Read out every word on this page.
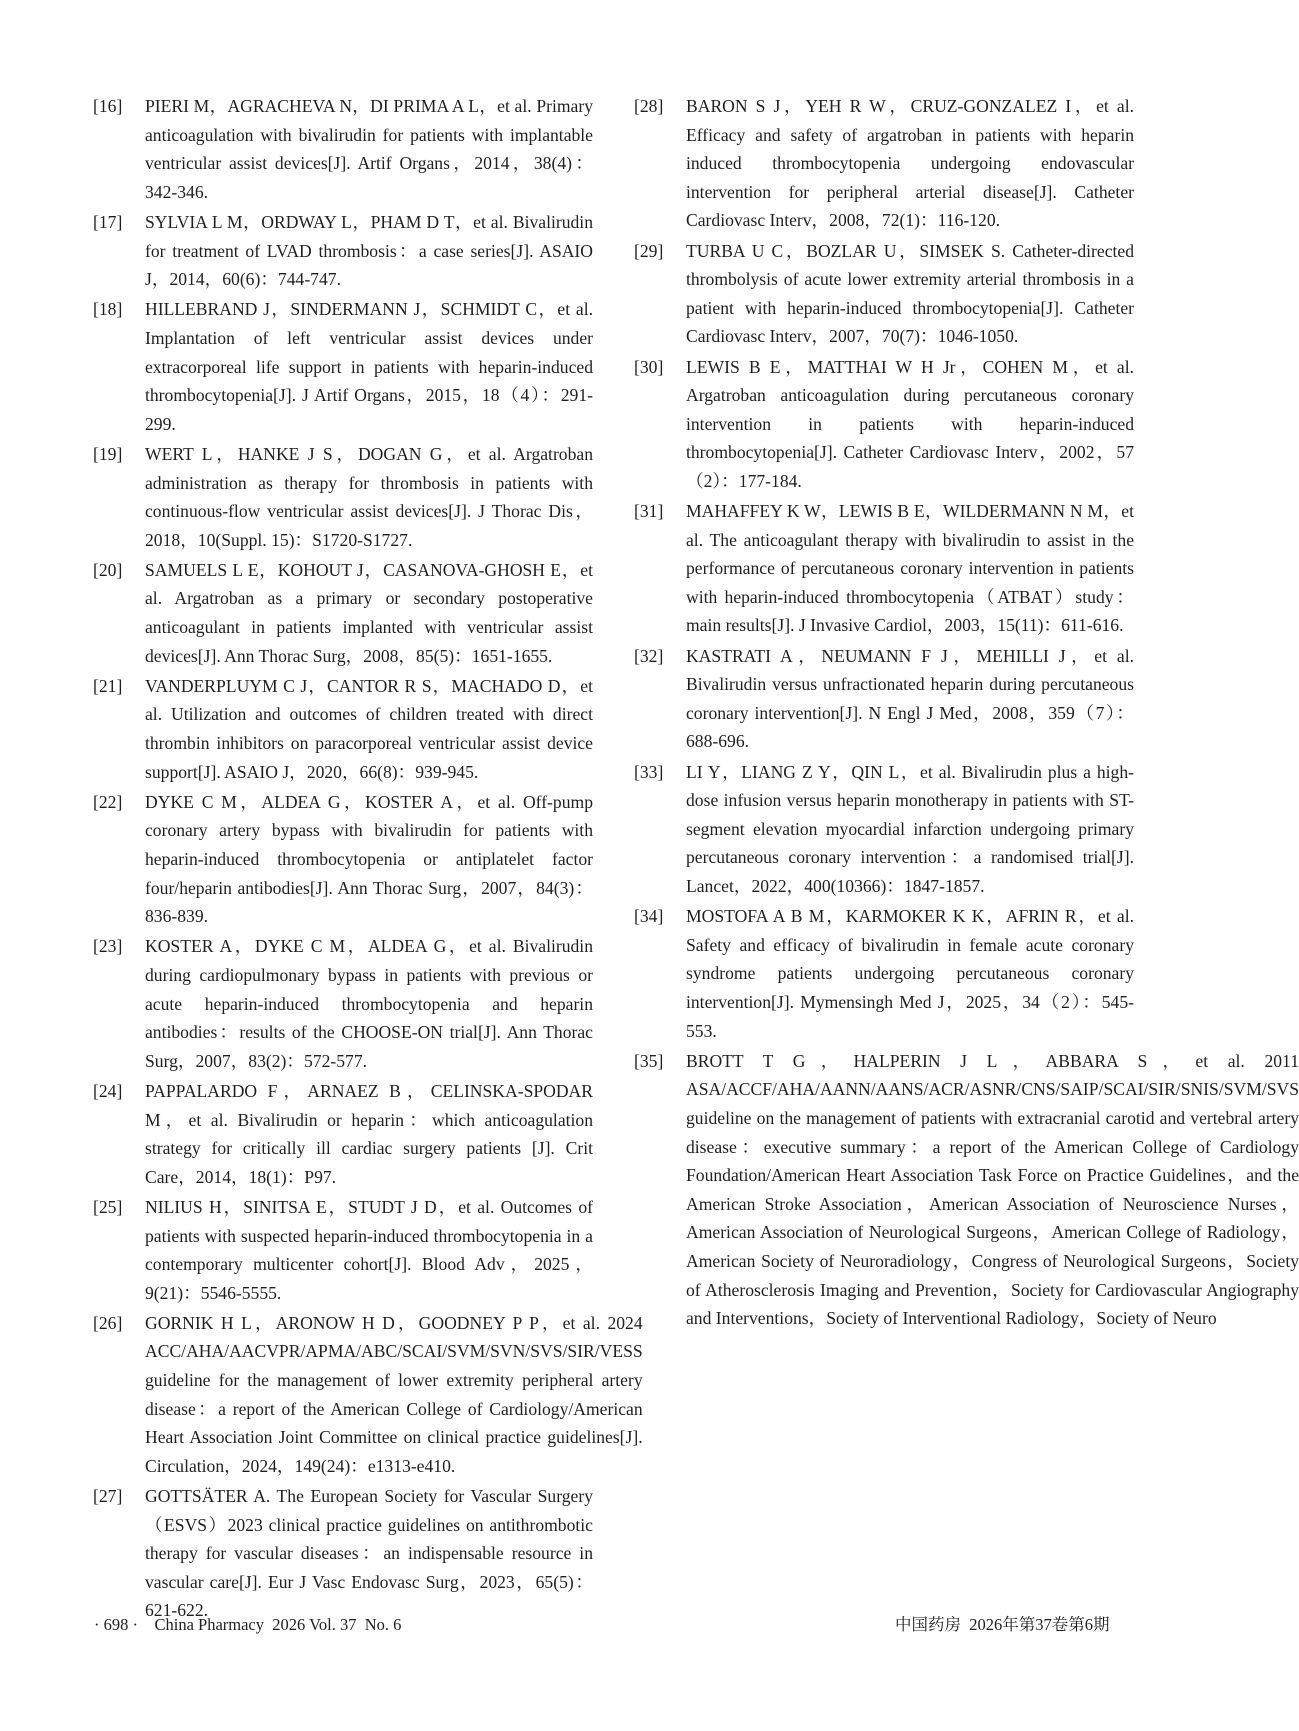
[16]	PIERI M，AGRACHEVA N，DI PRIMA A L，et al. Primary anticoagulation with bivalirudin for patients with implantable ventricular assist devices[J]. Artif Organs，2014，38(4)：342-346.
[17]	SYLVIA L M，ORDWAY L，PHAM D T，et al. Bivalirudin for treatment of LVAD thrombosis：a case series[J]. ASAIO J，2014，60(6)：744-747.
[18]	HILLEBRAND J，SINDERMANN J，SCHMIDT C，et al. Implantation of left ventricular assist devices under extracorporeal life support in patients with heparin-induced thrombocytopenia[J]. J Artif Organs，2015，18（4）：291-299.
[19]	WERT L，HANKE J S，DOGAN G，et al. Argatroban administration as therapy for thrombosis in patients with continuous-flow ventricular assist devices[J]. J Thorac Dis，2018，10(Suppl. 15)：S1720-S1727.
[20]	SAMUELS L E，KOHOUT J，CASANOVA-GHOSH E，et al. Argatroban as a primary or secondary postoperative anticoagulant in patients implanted with ventricular assist devices[J]. Ann Thorac Surg，2008，85(5)：1651-1655.
[21]	VANDERPLUYM C J，CANTOR R S，MACHADO D，et al. Utilization and outcomes of children treated with direct thrombin inhibitors on paracorporeal ventricular assist device support[J]. ASAIO J，2020，66(8)：939-945.
[22]	DYKE C M，ALDEA G，KOSTER A，et al. Off-pump coronary artery bypass with bivalirudin for patients with heparin-induced thrombocytopenia or antiplatelet factor four/heparin antibodies[J]. Ann Thorac Surg，2007，84(3)：836-839.
[23]	KOSTER A，DYKE C M，ALDEA G，et al. Bivalirudin during cardiopulmonary bypass in patients with previous or acute heparin-induced thrombocytopenia and heparin antibodies：results of the CHOOSE-ON trial[J]. Ann Thorac Surg，2007，83(2)：572-577.
[24]	PAPPALARDO F，ARNAEZ B，CELINSKA-SPODAR M，et al. Bivalirudin or heparin：which anticoagulation strategy for critically ill cardiac surgery patients [J]. Crit Care，2014，18(1)：P97.
[25]	NILIUS H，SINITSA E，STUDT J D，et al. Outcomes of patients with suspected heparin-induced thrombocytopenia in a contemporary multicenter cohort[J]. Blood Adv，2025，9(21)：5546-5555.
[26]	GORNIK H L，ARONOW H D，GOODNEY P P，et al. 2024 ACC/AHA/AACVPR/APMA/ABC/SCAI/SVM/SVN/SVS/SIR/VESS guideline for the management of lower extremity peripheral artery disease：a report of the American College of Cardiology/American Heart Association Joint Committee on clinical practice guidelines[J]. Circulation，2024，149(24)：e1313-e410.
[27]	GOTTSÄTER A. The European Society for Vascular Surgery（ESVS）2023 clinical practice guidelines on antithrombotic therapy for vascular diseases：an indispensable resource in vascular care[J]. Eur J Vasc Endovasc Surg，2023，65(5)：621-622.
[28]	BARON S J，YEH R W，CRUZ-GONZALEZ I，et al. Efficacy and safety of argatroban in patients with heparin induced thrombocytopenia undergoing endovascular intervention for peripheral arterial disease[J]. Catheter Cardiovasc Interv，2008，72(1)：116-120.
[29]	TURBA U C，BOZLAR U，SIMSEK S. Catheter-directed thrombolysis of acute lower extremity arterial thrombosis in a patient with heparin-induced thrombocytopenia[J]. Catheter Cardiovasc Interv，2007，70(7)：1046-1050.
[30]	LEWIS B E，MATTHAI W H Jr，COHEN M，et al. Argatroban anticoagulation during percutaneous coronary intervention in patients with heparin-induced thrombocytopenia[J]. Catheter Cardiovasc Interv，2002，57（2）：177-184.
[31]	MAHAFFEY K W，LEWIS B E，WILDERMANN N M，et al. The anticoagulant therapy with bivalirudin to assist in the performance of percutaneous coronary intervention in patients with heparin-induced thrombocytopenia（ATBAT）study：main results[J]. J Invasive Cardiol，2003，15(11)：611-616.
[32]	KASTRATI A，NEUMANN F J，MEHILLI J，et al. Bivalirudin versus unfractionated heparin during percutaneous coronary intervention[J]. N Engl J Med，2008，359（7）：688-696.
[33]	LI Y，LIANG Z Y，QIN L，et al. Bivalirudin plus a high-dose infusion versus heparin monotherapy in patients with ST-segment elevation myocardial infarction undergoing primary percutaneous coronary intervention：a randomised trial[J]. Lancet，2022，400(10366)：1847-1857.
[34]	MOSTOFA A B M，KARMOKER K K，AFRIN R，et al. Safety and efficacy of bivalirudin in female acute coronary syndrome patients undergoing percutaneous coronary intervention[J]. Mymensingh Med J，2025，34（2）：545-553.
[35]	BROTT T G，HALPERIN J L，ABBARA S，et al. 2011 ASA/ACCF/AHA/AANN/AANS/ACR/ASNR/CNS/SAIP/SCAI/SIR/SNIS/SVM/SVS guideline on the management of patients with extracranial carotid and vertebral artery disease：executive summary：a report of the American College of Cardiology Foundation/American Heart Association Task Force on Practice Guidelines，and the American Stroke Association，American Association of Neuroscience Nurses，American Association of Neurological Surgeons，American College of Radiology，American Society of Neuroradiology，Congress of Neurological Surgeons，Society of Atherosclerosis Imaging and Prevention，Society for Cardiovascular Angiography and Interventions，Society of Interventional Radiology，Society of Neuro
· 698 ·    China Pharmacy  2026 Vol. 37  No. 6	中国药房  2026年第37卷第6期
